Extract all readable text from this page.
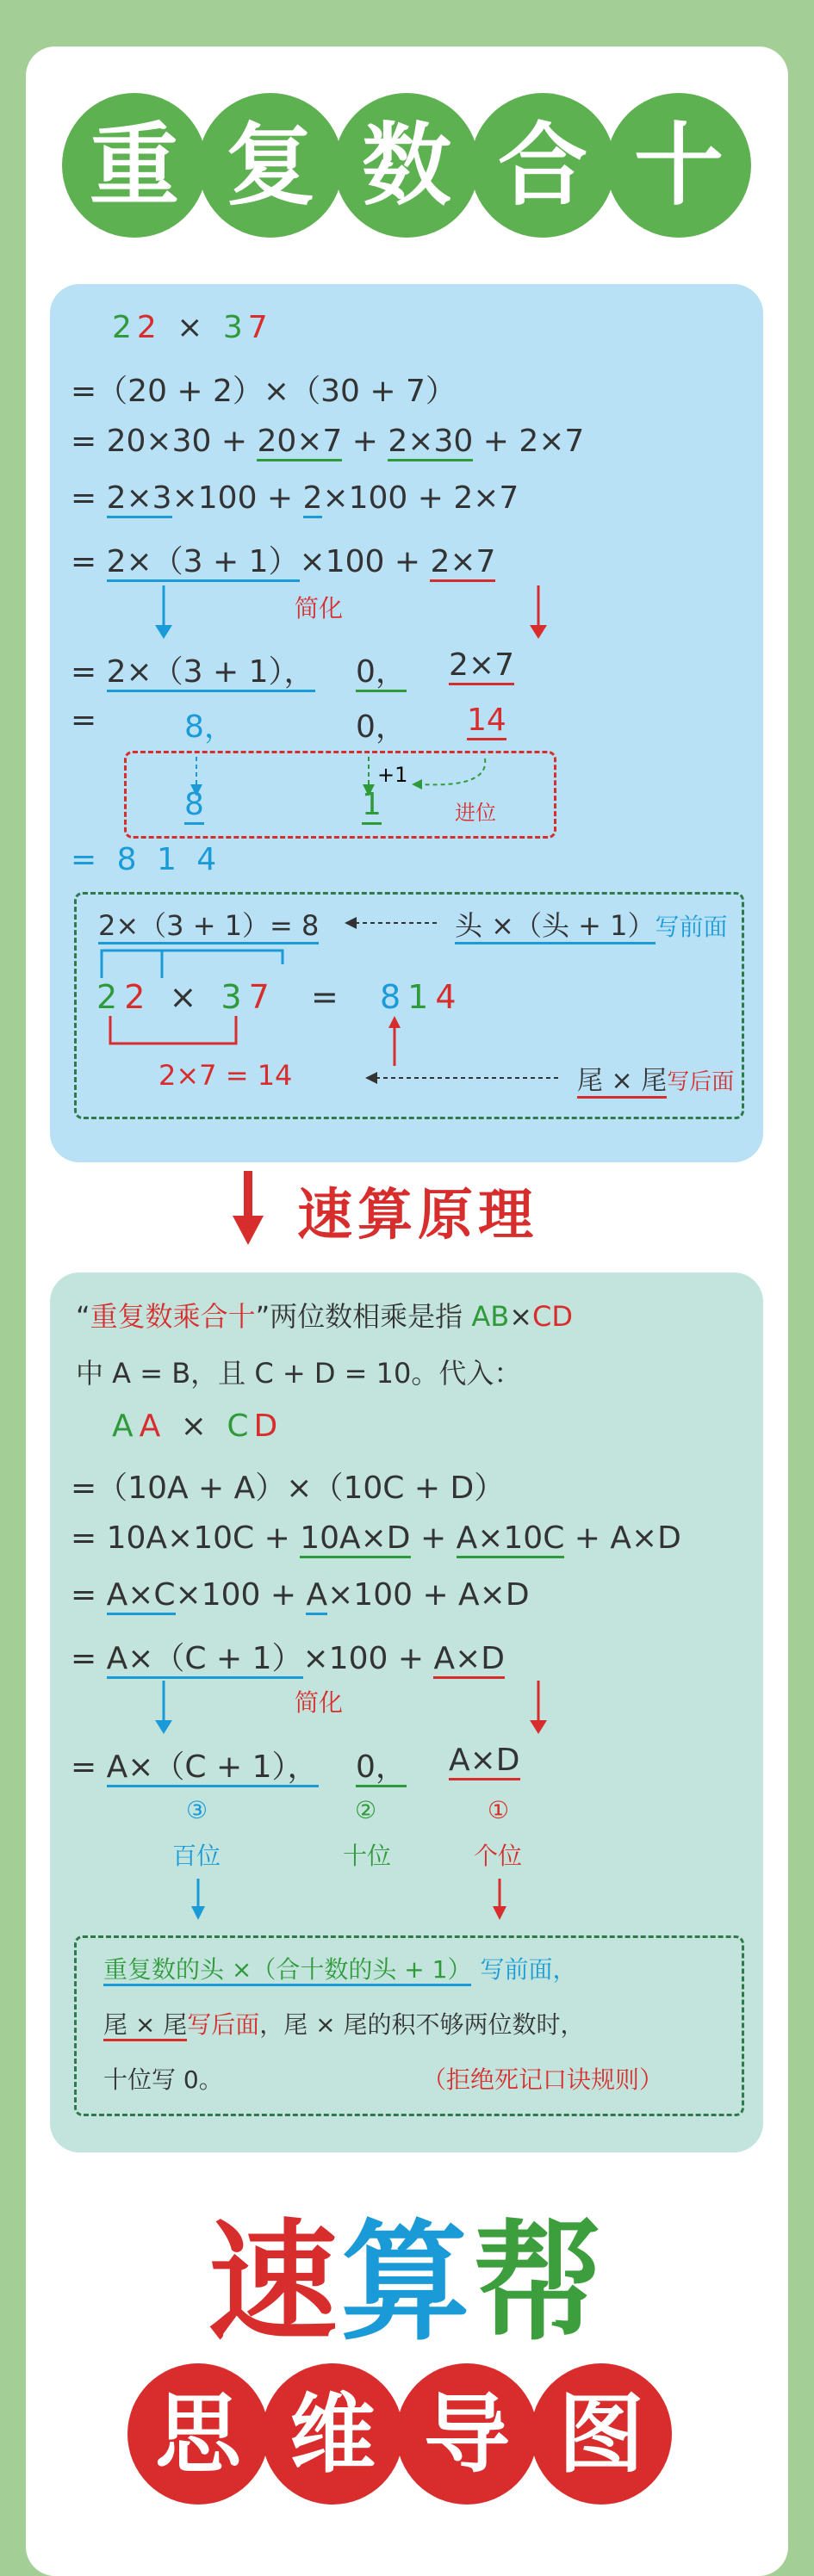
重 复 数 合 十
22 × 37
=（20 + 2）×（30 + 7）
= 20×30 + 20×7 + 2×30 + 2×7
= 2×3×100 + 2×100 + 2×7
= 2×（3 + 1）×100 + 2×7
简化
= 2×（3 + 1）， 0， 2×7
=	8，	0， 14
+1
进位
8	1
= 8 1 4
2×（3 + 1）= 8	头 ×（头 + 1）写前面
22 × 37 = 814
2×7 = 14	尾 × 尾写后面
速算原理
“重复数乘合十”两位数相乘是指 AB×CD
中 A = B，且 C + D = 10。代入：
AA × CD
=（10A + A）×（10C + D）
= 10A×10C + 10A×D + A×10C + A×D
= A×C×100 + A×100 + A×D
= A×（C + 1）×100 + A×D
简化
= A×（C + 1）， 0， A×D
③	②	①
百位	十位	个位
重复数的头 ×（合十数的头 + 1） 写前面，
尾 × 尾写后面，尾 × 尾的积不够两位数时，
十位写 0。	（拒绝死记口诀规则）
速算帮
思 维 导 图
